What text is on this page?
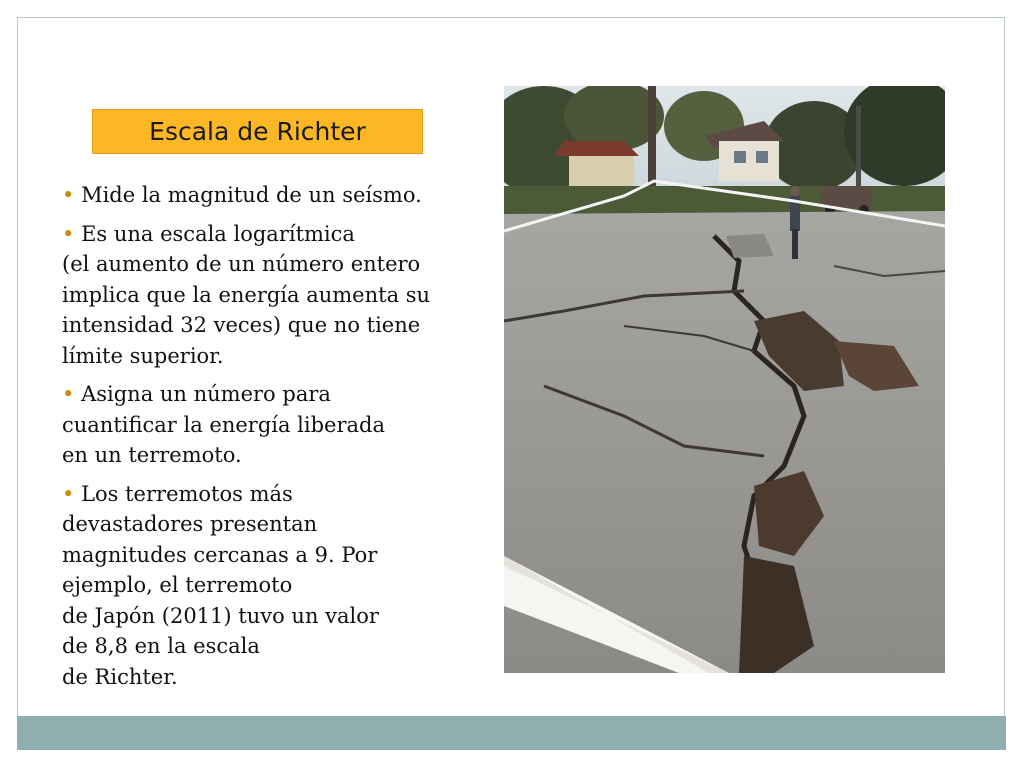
Escala de Richter
• Mide la magnitud de un seísmo.
• Es una escala logarítmica
(el aumento de un número entero
implica que la energía aumenta su
intensidad 32 veces) que no tiene
límite superior.
• Asigna un número para
cuantificar la energía liberada
en un terremoto.
• Los terremotos más
devastadores presentan
magnitudes cercanas a 9. Por
ejemplo, el terremoto
de Japón (2011) tuvo un valor
de 8,8 en la escala
de Richter.
